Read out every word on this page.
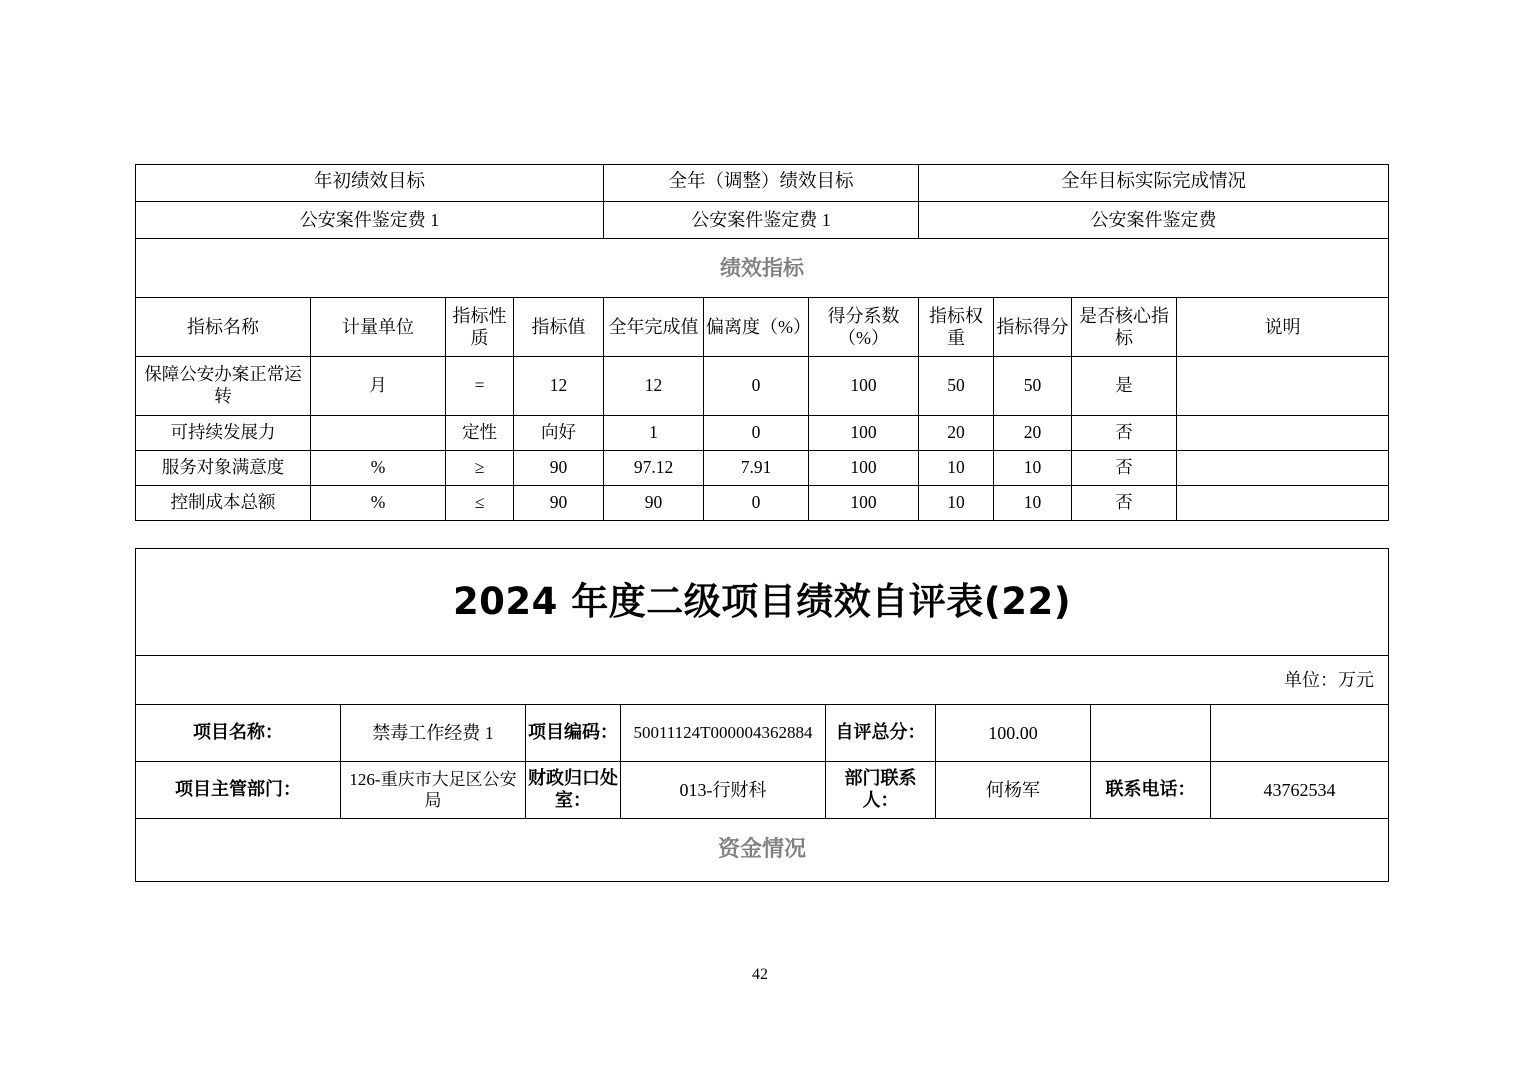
年初绩效目标				全年（调整）绩效目标			全年目标实际完成情况			
公安案件鉴定费 1				公安案件鉴定费 1			公安案件鉴定费			
绩效指标										
指标名称	计量单位	指标性质	指标值	全年完成值	偏离度（%）	得分系数（%）	指标权重	指标得分	是否核心指标	说明
保障公安办案正常运转	月	=	12	12	0	100	50	50	是	
可持续发展力		定性	向好	1	0	100	20	20	否	
服务对象满意度	%	≥	90	97.12	7.91	100	10	10	否	
控制成本总额	%	≤	90	90	0	100	10	10	否	
2024 年度二级项目绩效自评表(22)							
单位：万元							
项目名称：	禁毒工作经费 1	项目编码：	50011124T000004362884	自评总分：	100.00		
项目主管部门：	126-重庆市大足区公安局	财政归口处室：	013-行财科	部门联系人：	何杨军	联系电话：	43762534
资金情况							
42
